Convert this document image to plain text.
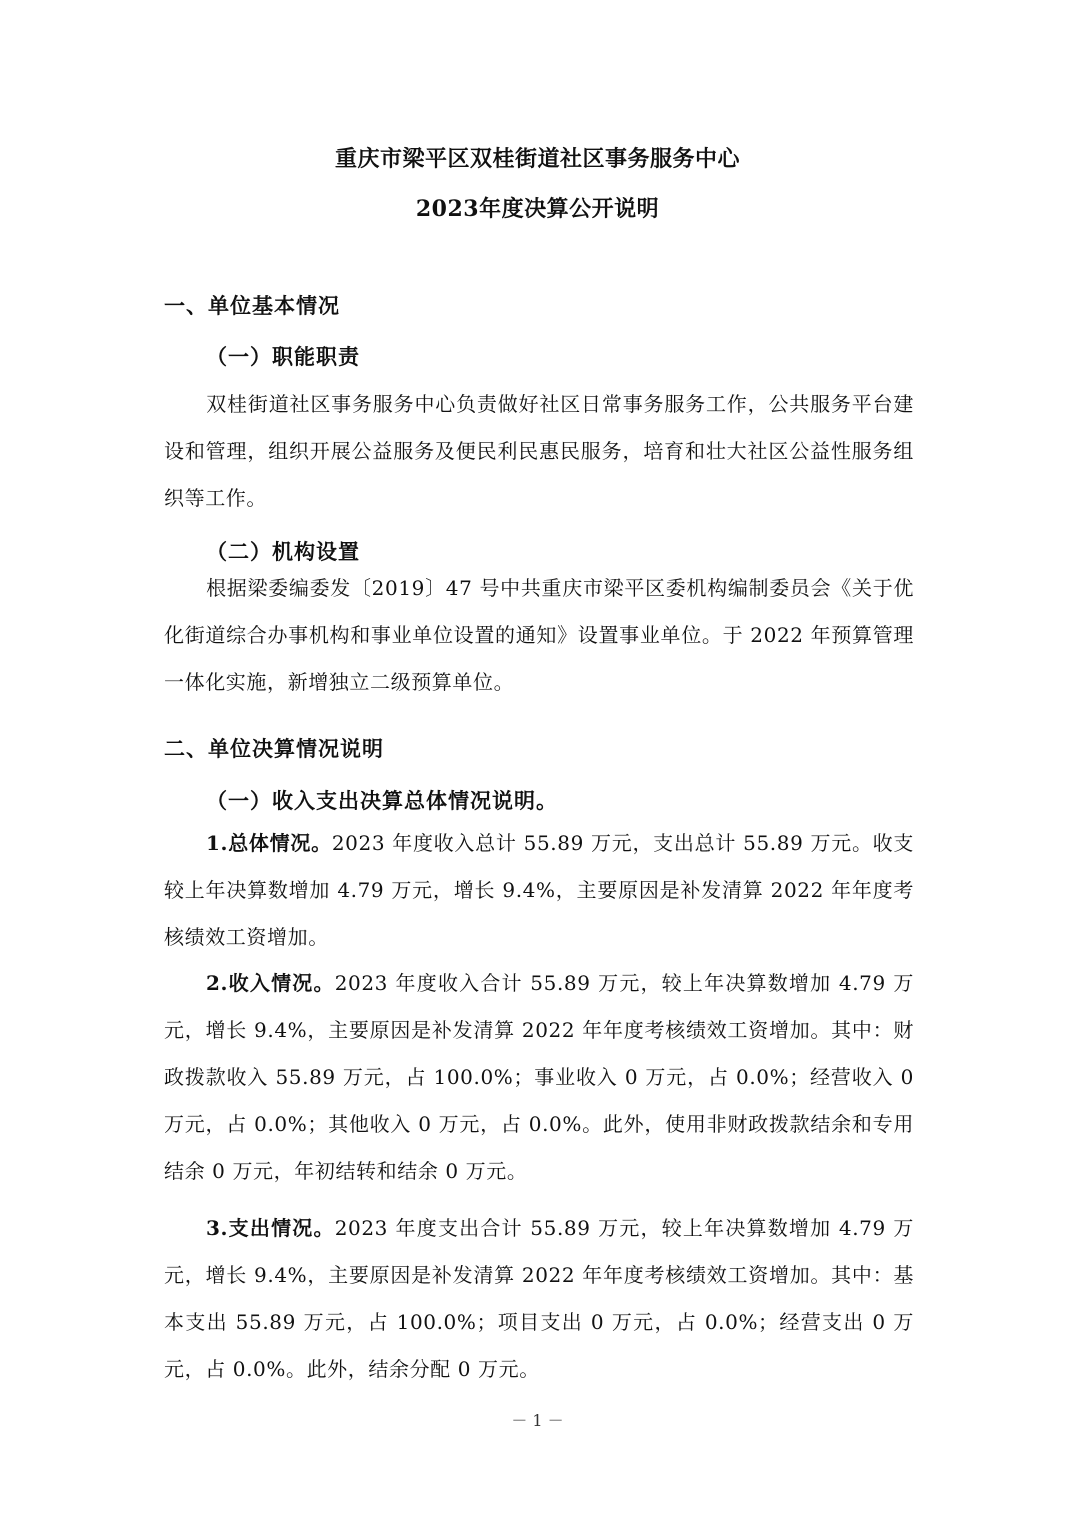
重庆市梁平区双桂街道社区事务服务中心
2023年度决算公开说明
一、单位基本情况
（一）职能职责
双桂街道社区事务服务中心负责做好社区日常事务服务工作，公共服务平台建设和管理，组织开展公益服务及便民利民惠民服务，培育和壮大社区公益性服务组织等工作。
（二）机构设置
根据梁委编委发〔2019〕47 号中共重庆市梁平区委机构编制委员会《关于优化街道综合办事机构和事业单位设置的通知》设置事业单位。于 2022 年预算管理一体化实施，新增独立二级预算单位。
二、单位决算情况说明
（一）收入支出决算总体情况说明。
1.总体情况。2023 年度收入总计 55.89 万元，支出总计 55.89 万元。收支较上年决算数增加 4.79 万元，增长 9.4%，主要原因是补发清算 2022 年年度考核绩效工资增加。
2.收入情况。2023 年度收入合计 55.89 万元，较上年决算数增加 4.79 万元，增长 9.4%，主要原因是补发清算 2022 年年度考核绩效工资增加。其中：财政拨款收入 55.89 万元，占 100.0%；事业收入 0 万元，占 0.0%；经营收入 0 万元，占 0.0%；其他收入 0 万元，占 0.0%。此外，使用非财政拨款结余和专用结余 0 万元，年初结转和结余 0 万元。
3.支出情况。2023 年度支出合计 55.89 万元，较上年决算数增加 4.79 万元，增长 9.4%，主要原因是补发清算 2022 年年度考核绩效工资增加。其中：基本支出 55.89 万元，占 100.0%；项目支出 0 万元，占 0.0%；经营支出 0 万元，占 0.0%。此外，结余分配 0 万元。
－ 1 －
